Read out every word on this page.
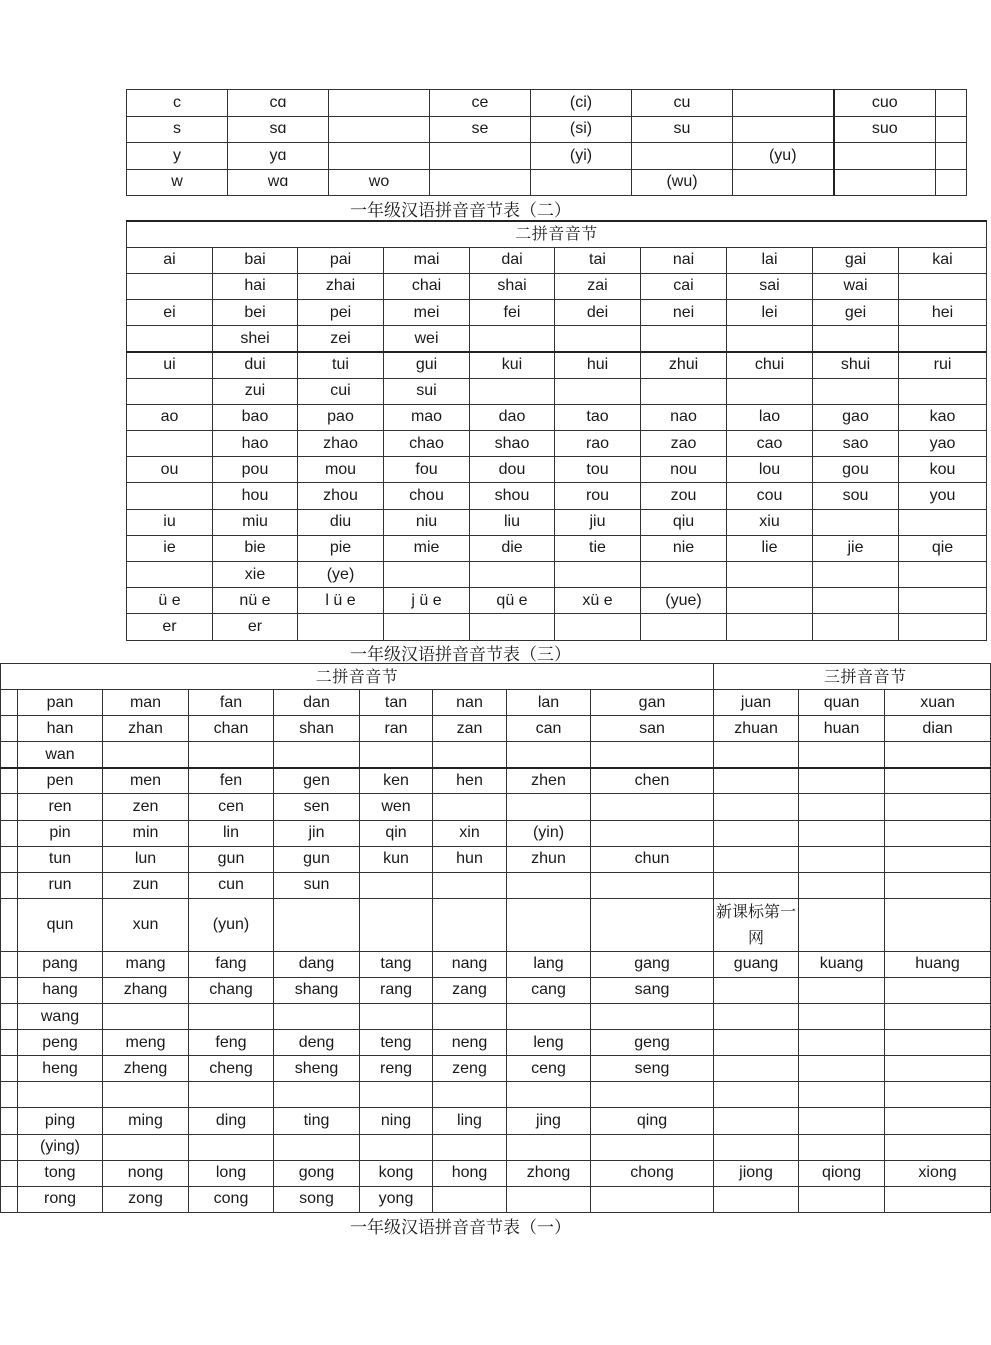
c	cɑ		ce	(ci)	cu		cuo	
s	sɑ		se	(si)	su		suo	
y	yɑ			(yi)		(yu)		
w	wɑ	wo			(wu)			
一年级汉语拼音音节表（二）
二拼音音节									
ai	bai	pai	mai	dai	tai	nai	lai	gai	kai
	hai	zhai	chai	shai	zai	cai	sai	wai	
ei	bei	pei	mei	fei	dei	nei	lei	gei	hei
	shei	zei	wei						
ui	dui	tui	gui	kui	hui	zhui	chui	shui	rui
	zui	cui	sui						
ao	bao	pao	mao	dao	tao	nao	lao	gao	kao
	hao	zhao	chao	shao	rao	zao	cao	sao	yao
ou	pou	mou	fou	dou	tou	nou	lou	gou	kou
	hou	zhou	chou	shou	rou	zou	cou	sou	you
iu	miu	diu	niu	liu	jiu	qiu	xiu		
ie	bie	pie	mie	die	tie	nie	lie	jie	qie
	xie	(ye)							
ü e	nü e	l ü e	j ü e	qü e	xü e	(yue)			
er	er								
一年级汉语拼音音节表（三）
二拼音音节									三拼音音节		
	pan	man	fan	dan	tan	nan	lan	gan	juan	quan	xuan
	han	zhan	chan	shan	ran	zan	can	san	zhuan	huan	dian
	wan										
	pen	men	fen	gen	ken	hen	zhen	chen			
	ren	zen	cen	sen	wen						
	pin	min	lin	jin	qin	xin	(yin)				
	tun	lun	gun	gun	kun	hun	zhun	chun			
	run	zun	cun	sun							
	qun	xun	(yun)						新课标第一网		
	pang	mang	fang	dang	tang	nang	lang	gang	guang	kuang	huang
	hang	zhang	chang	shang	rang	zang	cang	sang			
	wang										
	peng	meng	feng	deng	teng	neng	leng	geng			
	heng	zheng	cheng	sheng	reng	zeng	ceng	seng			

	ping	ming	ding	ting	ning	ling	jing	qing			
	(ying)										
	tong	nong	long	gong	kong	hong	zhong	chong	jiong	qiong	xiong
	rong	zong	cong	song	yong						
一年级汉语拼音音节表（一）
